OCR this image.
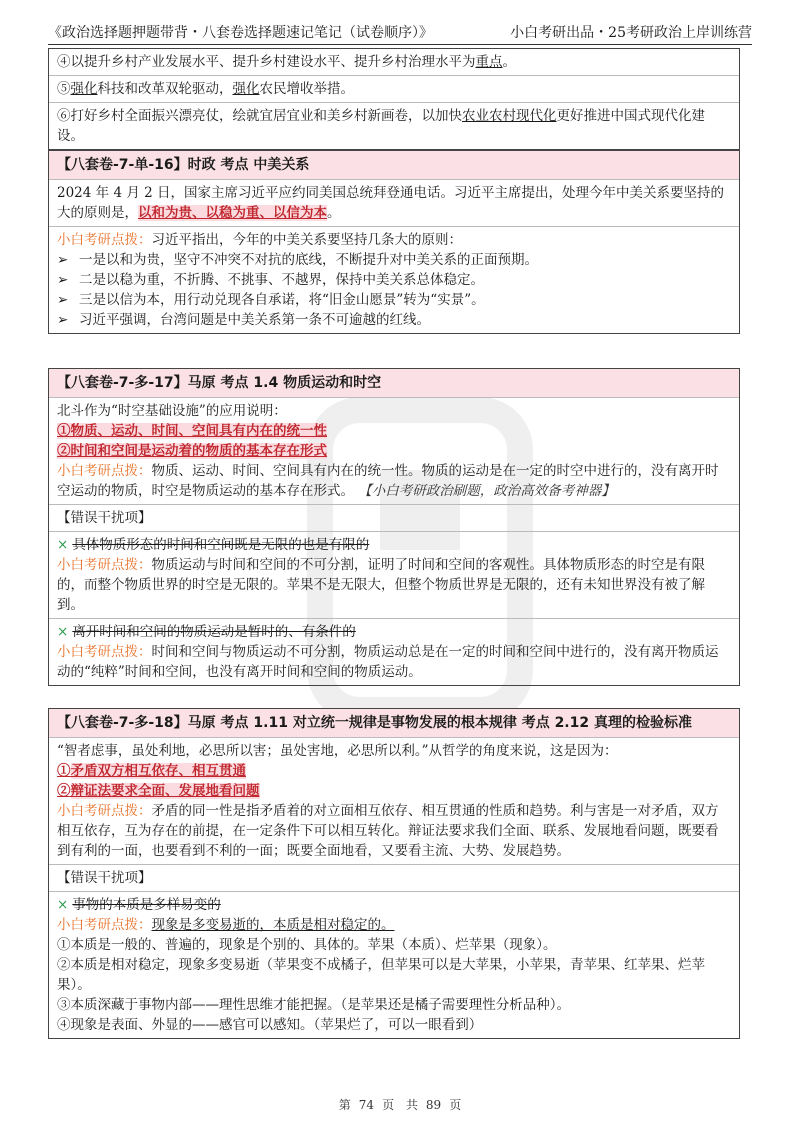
《政治选择题押题带背・八套卷选择题速记笔记（试卷顺序）》	小白考研出品・25考研政治上岸训练营
④以提升乡村产业发展水平、提升乡村建设水平、提升乡村治理水平为重点。
⑤强化科技和改革双轮驱动，强化农民增收举措。
⑥打好乡村全面振兴漂亮仗，绘就宜居宜业和美乡村新画卷，以加快农业农村现代化更好推进中国式现代化建设。
【八套卷-7-单-16】时政 考点 中美关系
2024 年 4 月 2 日，国家主席习近平应约同美国总统拜登通电话。习近平主席提出，处理今年中美关系要坚持的大的原则是，以和为贵、以稳为重、以信为本。
小白考研点拨：习近平指出，今年的中美关系要坚持几条大的原则：
➢ 一是以和为贵，坚守不冲突不对抗的底线，不断提升对中美关系的正面预期。
➢ 二是以稳为重，不折腾、不挑事、不越界，保持中美关系总体稳定。
➢ 三是以信为本，用行动兑现各自承诺，将“旧金山愿景”转为“实景”。
➢ 习近平强调，台湾问题是中美关系第一条不可逾越的红线。
【八套卷-7-多-17】马原 考点 1.4 物质运动和时空
北斗作为“时空基础设施”的应用说明：
①物质、运动、时间、空间具有内在的统一性
②时间和空间是运动着的物质的基本存在形式
小白考研点拨：物质、运动、时间、空间具有内在的统一性。物质的运动是在一定的时空中进行的，没有离开时空运动的物质，时空是物质运动的基本存在形式。 【小白考研政治刷题，政治高效备考神器】
【错误干扰项】
× 具体物质形态的时间和空间既是无限的也是有限的
小白考研点拨：物质运动与时间和空间的不可分割，证明了时间和空间的客观性。具体物质形态的时空是有限的，而整个物质世界的时空是无限的。苹果不是无限大，但整个物质世界是无限的，还有未知世界没有被了解到。
× 离开时间和空间的物质运动是暂时的、有条件的
小白考研点拨：时间和空间与物质运动不可分割，物质运动总是在一定的时间和空间中进行的，没有离开物质运动的“纯粹”时间和空间，也没有离开时间和空间的物质运动。
【八套卷-7-多-18】马原 考点 1.11 对立统一规律是事物发展的根本规律 考点 2.12 真理的检验标准
“智者虑事，虽处利地，必思所以害；虽处害地，必思所以利。”从哲学的角度来说，这是因为：
①矛盾双方相互依存、相互贯通
②辩证法要求全面、发展地看问题
小白考研点拨：矛盾的同一性是指矛盾着的对立面相互依存、相互贯通的性质和趋势。利与害是一对矛盾，双方相互依存，互为存在的前提，在一定条件下可以相互转化。辩证法要求我们全面、联系、发展地看问题，既要看到有利的一面，也要看到不利的一面；既要全面地看，又要看主流、大势、发展趋势。
【错误干扰项】
× 事物的本质是多样易变的
小白考研点拨：现象是多变易逝的，本质是相对稳定的。
①本质是一般的、普遍的，现象是个别的、具体的。苹果（本质）、烂苹果（现象）。
②本质是相对稳定，现象多变易逝（苹果变不成橘子，但苹果可以是大苹果，小苹果，青苹果、红苹果、烂苹果）。
③本质深藏于事物内部——理性思维才能把握。（是苹果还是橘子需要理性分析品种）。
④现象是表面、外显的——感官可以感知。（苹果烂了，可以一眼看到）
第 74 页 共 89 页
